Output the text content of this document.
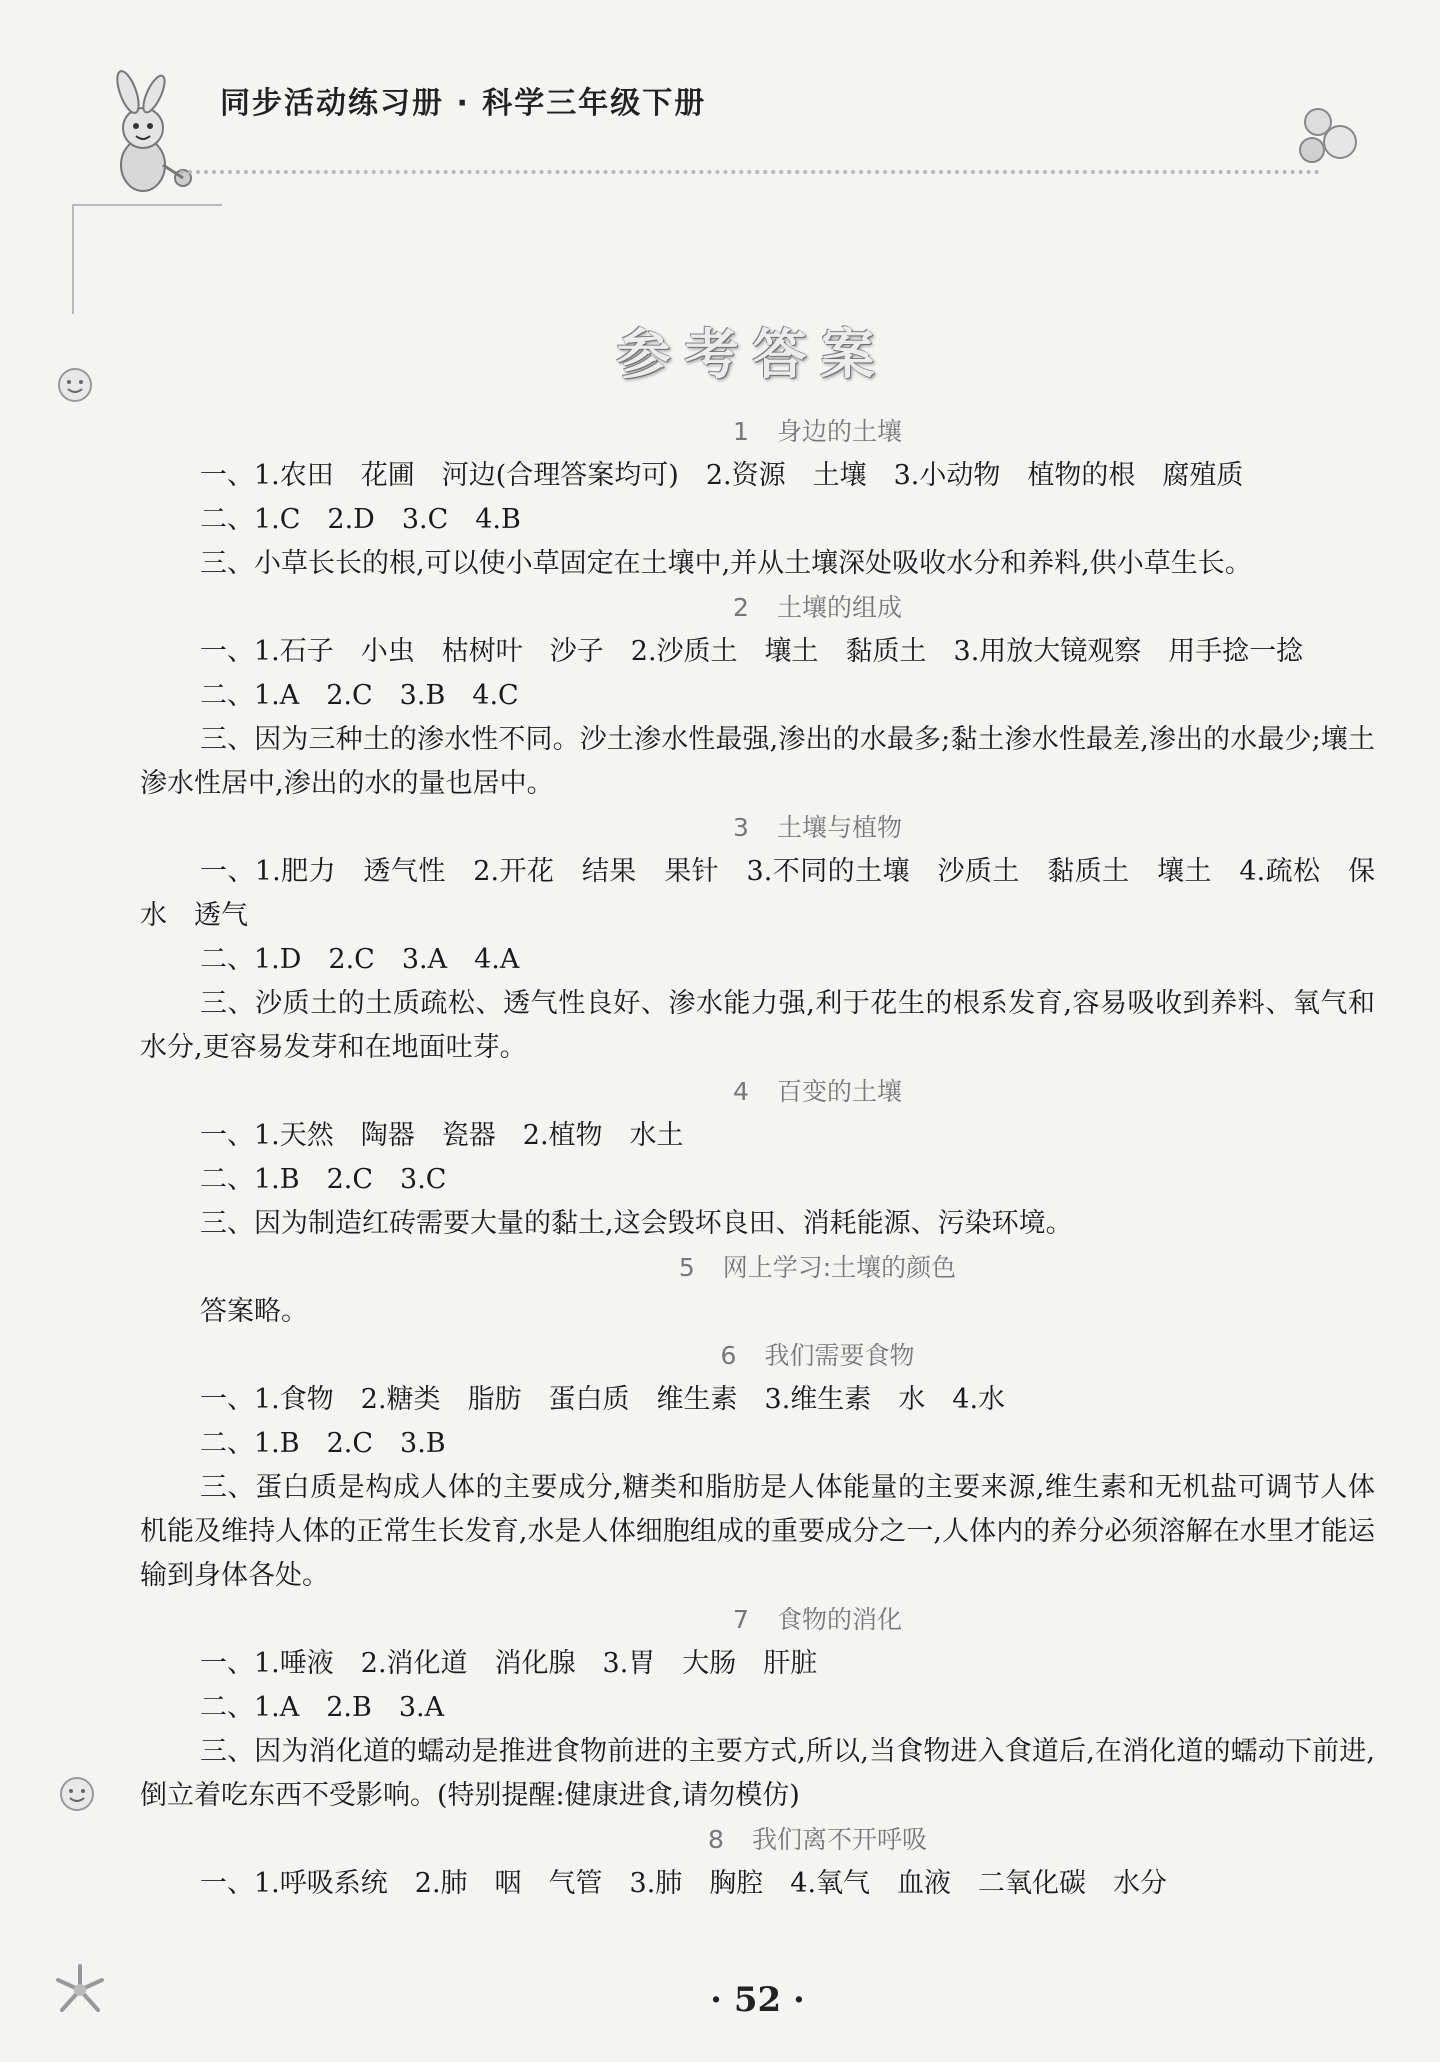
同步活动练习册 · 科学三年级下册
参考答案
1 身边的土壤

一、1.农田　花圃　河边(合理答案均可)　2.资源　土壤　3.小动物　植物的根　腐殖质

二、1.C　2.D　3.C　4.B

三、小草长长的根,可以使小草固定在土壤中,并从土壤深处吸收水分和养料,供小草生长。

2 土壤的组成

一、1.石子　小虫　枯树叶　沙子　2.沙质土　壤土　黏质土　3.用放大镜观察　用手捻一捻

二、1.A　2.C　3.B　4.C

三、因为三种土的渗水性不同。沙土渗水性最强,渗出的水最多;黏土渗水性最差,渗出的水最少;壤土渗水性居中,渗出的水的量也居中。

3 土壤与植物

一、1.肥力　透气性　2.开花　结果　果针　3.不同的土壤　沙质土　黏质土　壤土　4.疏松　保水　透气

二、1.D　2.C　3.A　4.A

三、沙质土的土质疏松、透气性良好、渗水能力强,利于花生的根系发育,容易吸收到养料、氧气和水分,更容易发芽和在地面吐芽。

4 百变的土壤

一、1.天然　陶器　瓷器　2.植物　水土

二、1.B　2.C　3.C

三、因为制造红砖需要大量的黏土,这会毁坏良田、消耗能源、污染环境。

5 网上学习:土壤的颜色

答案略。

6 我们需要食物

一、1.食物　2.糖类　脂肪　蛋白质　维生素　3.维生素　水　4.水

二、1.B　2.C　3.B

三、蛋白质是构成人体的主要成分,糖类和脂肪是人体能量的主要来源,维生素和无机盐可调节人体机能及维持人体的正常生长发育,水是人体细胞组成的重要成分之一,人体内的养分必须溶解在水里才能运输到身体各处。

7 食物的消化

一、1.唾液　2.消化道　消化腺　3.胃　大肠　肝脏

二、1.A　2.B　3.A

三、因为消化道的蠕动是推进食物前进的主要方式,所以,当食物进入食道后,在消化道的蠕动下前进,倒立着吃东西不受影响。(特别提醒:健康进食,请勿模仿)

8 我们离不开呼吸

一、1.呼吸系统　2.肺　咽　气管　3.肺　胸腔　4.氧气　血液　二氧化碳　水分

· 52 ·
